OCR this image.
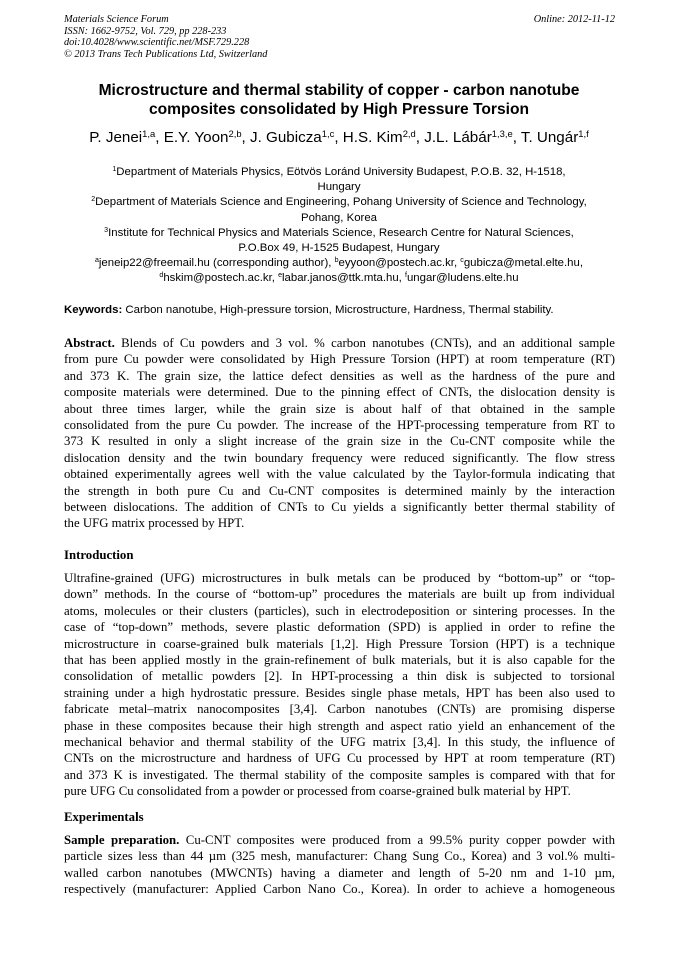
Materials Science Forum
ISSN: 1662-9752, Vol. 729, pp 228-233
doi:10.4028/www.scientific.net/MSF.729.228
© 2013 Trans Tech Publications Ltd, Switzerland
Online: 2012-11-12
Microstructure and thermal stability of copper - carbon nanotube
composites consolidated by High Pressure Torsion
P. Jenei$^{1,a}$, E.Y. Yoon$^{2,b}$, J. Gubicza$^{1,c}$, H.S. Kim$^{2,d}$, J.L. Lábár$^{1,3,e}$, T. Ungár$^{1,f}$
$^1$Department of Materials Physics, Eötvös Loránd University Budapest, P.O.B. 32, H-1518,
Hungary
$^2$Department of Materials Science and Engineering, Pohang University of Science and Technology,
Pohang, Korea
$^3$Institute for Technical Physics and Materials Science, Research Centre for Natural Sciences,
P.O.Box 49, H-1525 Budapest, Hungary
$^a$jeneip22@freemail.hu (corresponding author), $^b$eyyoon@postech.ac.kr, $^c$gubicza@metal.elte.hu,
$^d$hskim@postech.ac.kr, $^e$labar.janos@ttk.mta.hu, $^f$ungar@ludens.elte.hu
Keywords: Carbon nanotube, High-pressure torsion, Microstructure, Hardness, Thermal stability.
Abstract. Blends of Cu powders and 3 vol. % carbon nanotubes (CNTs), and an additional sample
from pure Cu powder were consolidated by High Pressure Torsion (HPT) at room temperature (RT)
and 373 K. The grain size, the lattice defect densities as well as the hardness of the pure and
composite materials were determined. Due to the pinning effect of CNTs, the dislocation density is
about three times larger, while the grain size is about half of that obtained in the sample
consolidated from the pure Cu powder. The increase of the HPT-processing temperature from RT to
373 K resulted in only a slight increase of the grain size in the Cu-CNT composite while the
dislocation density and the twin boundary frequency were reduced significantly. The flow stress
obtained experimentally agrees well with the value calculated by the Taylor-formula indicating that
the strength in both pure Cu and Cu-CNT composites is determined mainly by the interaction
between dislocations. The addition of CNTs to Cu yields a significantly better thermal stability of
the UFG matrix processed by HPT.
Introduction
Ultrafine-grained (UFG) microstructures in bulk metals can be produced by “bottom-up” or “top-
down” methods. In the course of “bottom-up” procedures the materials are built up from individual
atoms, molecules or their clusters (particles), such in electrodeposition or sintering processes. In the
case of “top-down” methods, severe plastic deformation (SPD) is applied in order to refine the
microstructure in coarse-grained bulk materials [1,2]. High Pressure Torsion (HPT) is a technique
that has been applied mostly in the grain-refinement of bulk materials, but it is also capable for the
consolidation of metallic powders [2]. In HPT-processing a thin disk is subjected to torsional
straining under a high hydrostatic pressure. Besides single phase metals, HPT has been also used to
fabricate metal–matrix nanocomposites [3,4]. Carbon nanotubes (CNTs) are promising disperse
phase in these composites because their high strength and aspect ratio yield an enhancement of the
mechanical behavior and thermal stability of the UFG matrix [3,4]. In this study, the influence of
CNTs on the microstructure and hardness of UFG Cu processed by HPT at room temperature (RT)
and 373 K is investigated. The thermal stability of the composite samples is compared with that for
pure UFG Cu consolidated from a powder or processed from coarse-grained bulk material by HPT.
Experimentals
Sample preparation. Cu-CNT composites were produced from a 99.5% purity copper powder with
particle sizes less than 44 µm (325 mesh, manufacturer: Chang Sung Co., Korea) and 3 vol.% multi-
walled carbon nanotubes (MWCNTs) having a diameter and length of 5-20 nm and 1-10 µm,
respectively (manufacturer: Applied Carbon Nano Co., Korea). In order to achieve a homogeneous
